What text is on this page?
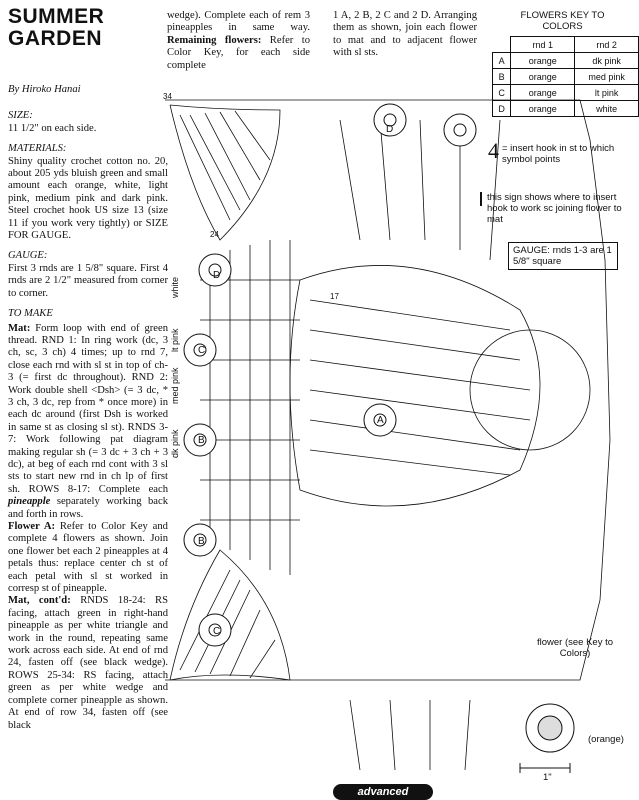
SUMMER
GARDEN

By Hiroko Hanai

SIZE:
11 1/2" on each side.

MATERIALS:
Shiny quality crochet cotton no. 20, about 205 yds bluish green and small amount each orange, white, light pink, medium pink and dark pink. Steel crochet hook US size 13 (size 11 if you work very tightly) or SIZE FOR GAUGE.

GAUGE:
First 3 rnds are 1 5/8" square. First 4 rnds are 2 1/2" measured from corner to corner.

TO MAKE

Mat: Form loop with end of green thread. RND 1: In ring work (dc, 3 ch, sc, 3 ch) 4 times; up to rnd 7, close each rnd with sl st in top of ch-3 (= first dc throughout). RND 2: Work double shell <Dsh> (= 3 dc, * 3 ch, 3 dc, rep from * once more) in each dc around (first Dsh is worked in same st as closing sl st). RNDS 3-7: Work following pat diagram making regular sh (= 3 dc + 3 ch + 3 dc), at beg of each rnd cont with 3 sl sts to start new rnd in ch lp of first sh. ROWS 8-17: Complete each pineapple separately working back and forth in rows.
Flower A: Refer to Color Key and complete 4 flowers as shown. Join one flower bet each 2 pineapples at 4 petals thus: replace center ch st of each petal with sl st worked in corresp st of pineapple.
Mat, cont'd: RNDS 18-24: RS facing, attach green in right-hand pineapple as per white triangle and work in the round, repeating same work across each side. At end of rnd 24, fasten off (see black wedge). ROWS 25-34: RS facing, attach green as per white wedge and complete corner pineapple as shown. At end of row 34, fasten off (see black

wedge). Complete each of rem 3 pineapples in same way. Remaining flowers: Refer to Color Key, for each side complete
1 A, 2 B, 2 C and 2 D. Arranging them as shown, join each flower to mat and to adjacent flower with sl sts.
FLOWERS KEY TO COLORS
	rnd 1	rnd 2
A	orange	dk pink
B	orange	med pink
C	orange	lt pink
D	orange	white
4 = insert hook in st to which symbol points
this sign shows where to insert hook to work sc joining flower to mat
GAUGE: rnds 1-3 are 1 5/8" square
white
lt pink
med pink
dk pink
D
C
B
A
B
C
D
34
24
17
flower (see Key to Colors)
(orange)
1"
advanced
